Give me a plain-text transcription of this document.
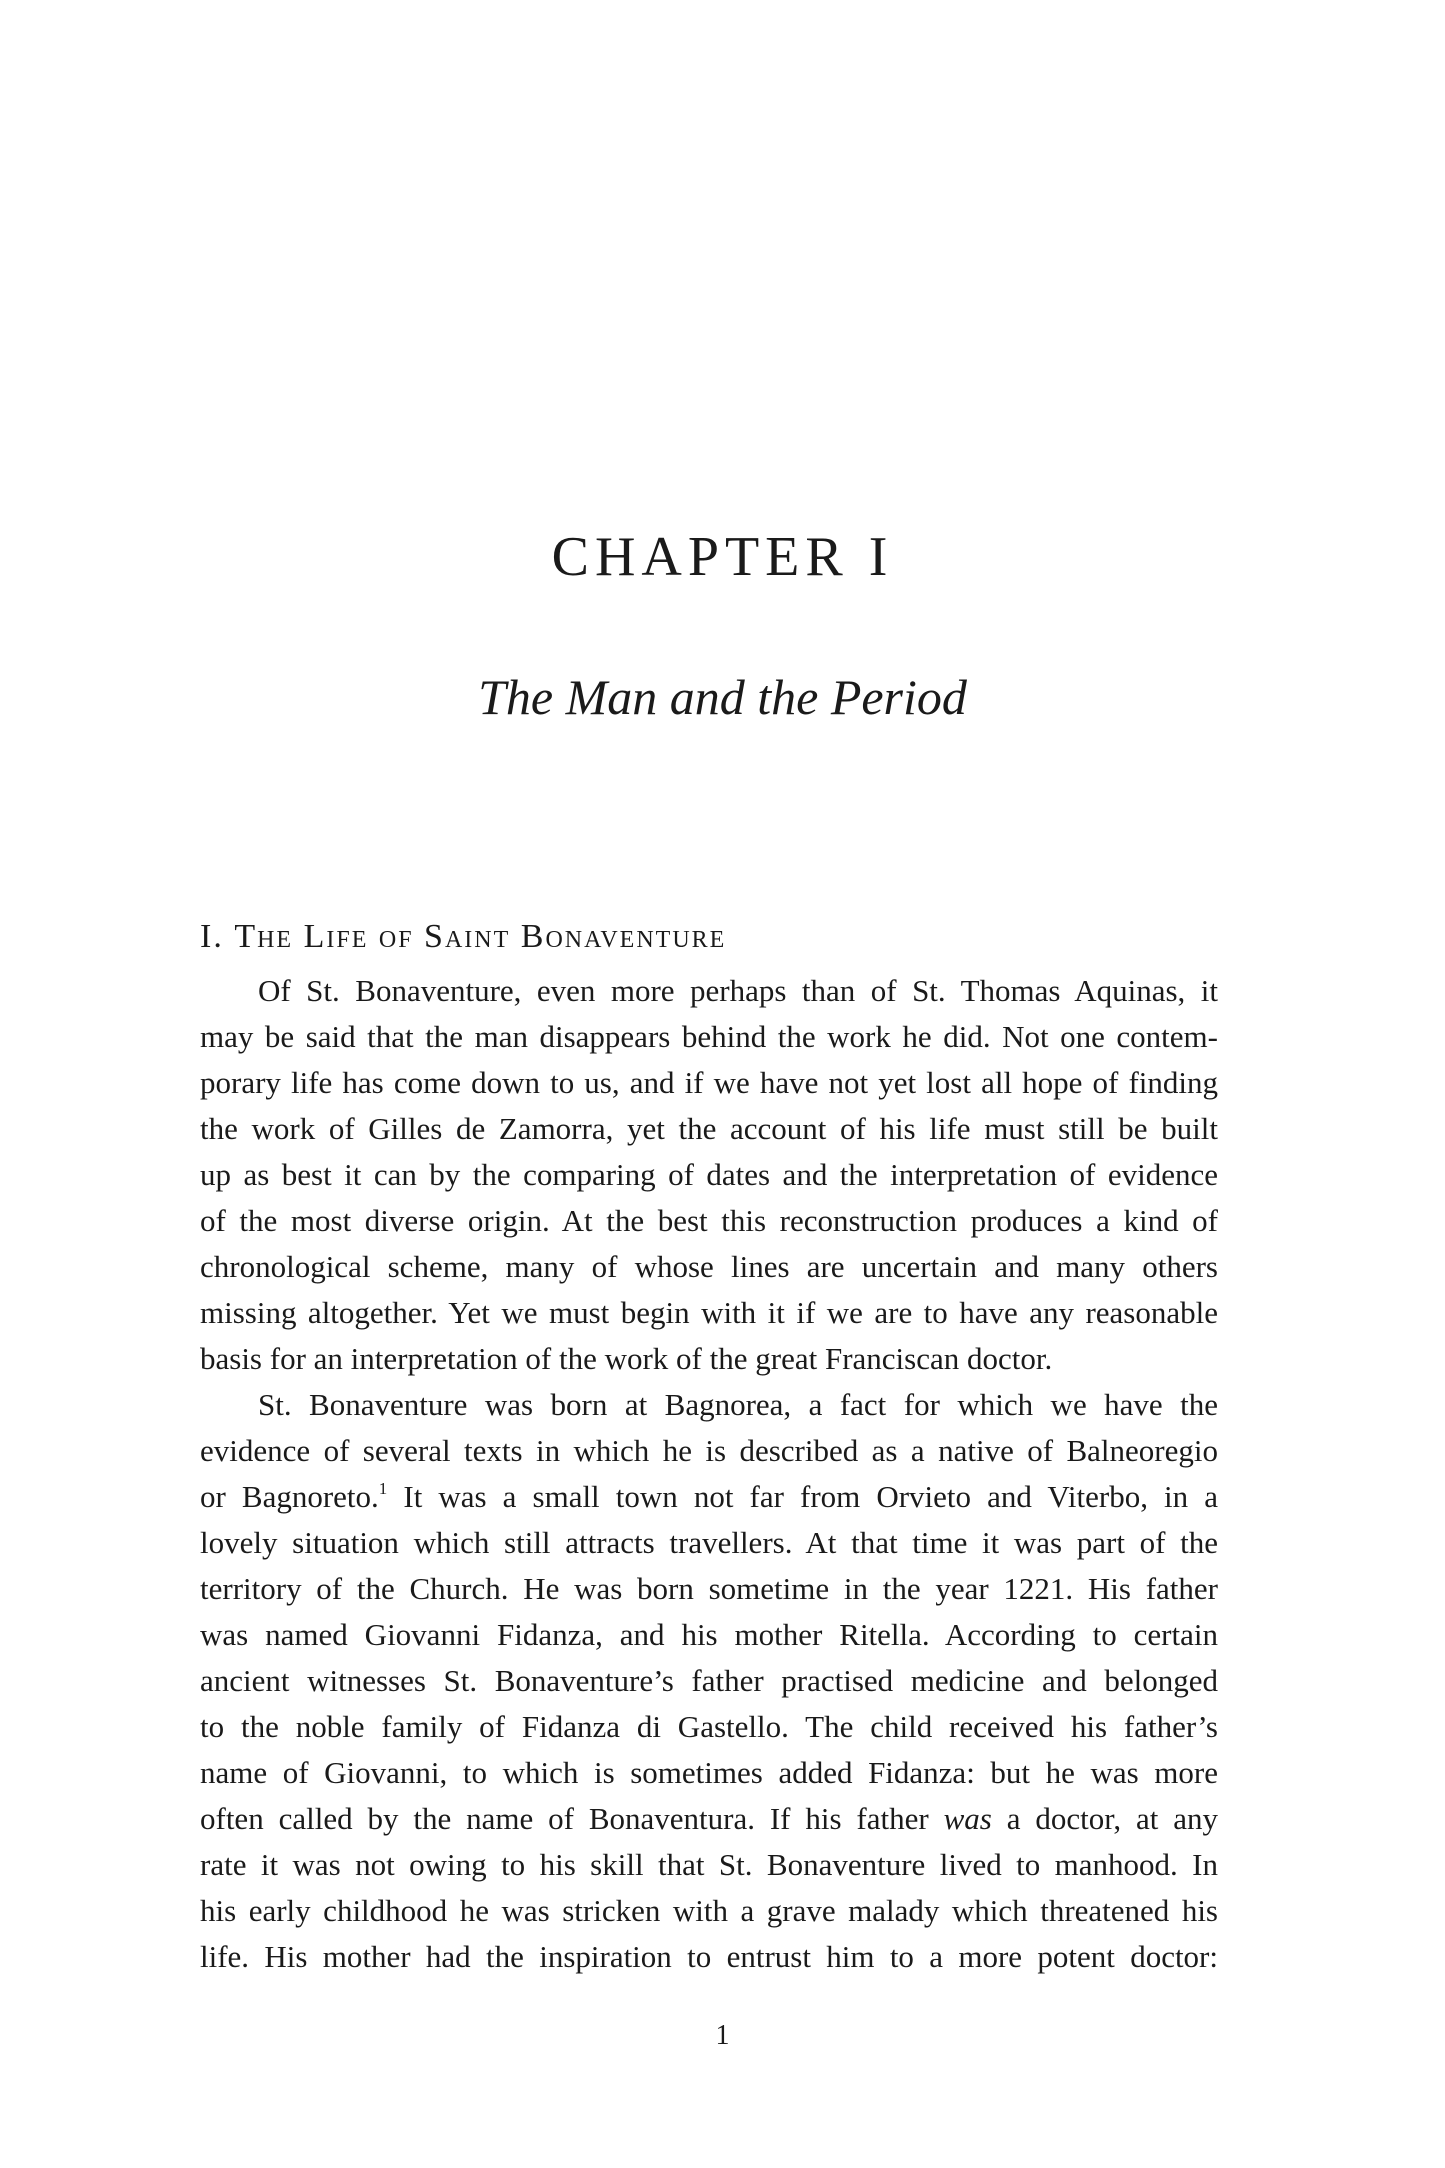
CHAPTER I
The Man and the Period
I. The Life of Saint Bonaventure
Of St. Bonaventure, even more perhaps than of St. Thomas Aquinas, it
may be said that the man disappears behind the work he did. Not one contem-
porary life has come down to us, and if we have not yet lost all hope of finding
the work of Gilles de Zamorra, yet the account of his life must still be built
up as best it can by the comparing of dates and the interpretation of evidence
of the most diverse origin. At the best this reconstruction produces a kind of
chronological scheme, many of whose lines are uncertain and many others
missing altogether. Yet we must begin with it if we are to have any reasonable
basis for an interpretation of the work of the great Franciscan doctor.
St. Bonaventure was born at Bagnorea, a fact for which we have the
evidence of several texts in which he is described as a native of Balneoregio
or Bagnoreto.$^1$ It was a small town not far from Orvieto and Viterbo, in a
lovely situation which still attracts travellers. At that time it was part of the
territory of the Church. He was born sometime in the year 1221. His father
was named Giovanni Fidanza, and his mother Ritella. According to certain
ancient witnesses St. Bonaventure’s father practised medicine and belonged
to the noble family of Fidanza di Gastello. The child received his father’s
name of Giovanni, to which is sometimes added Fidanza: but he was more
often called by the name of Bonaventura. If his father was a doctor, at any
rate it was not owing to his skill that St. Bonaventure lived to manhood. In
his early childhood he was stricken with a grave malady which threatened his
life. His mother had the inspiration to entrust him to a more potent doctor:
1
